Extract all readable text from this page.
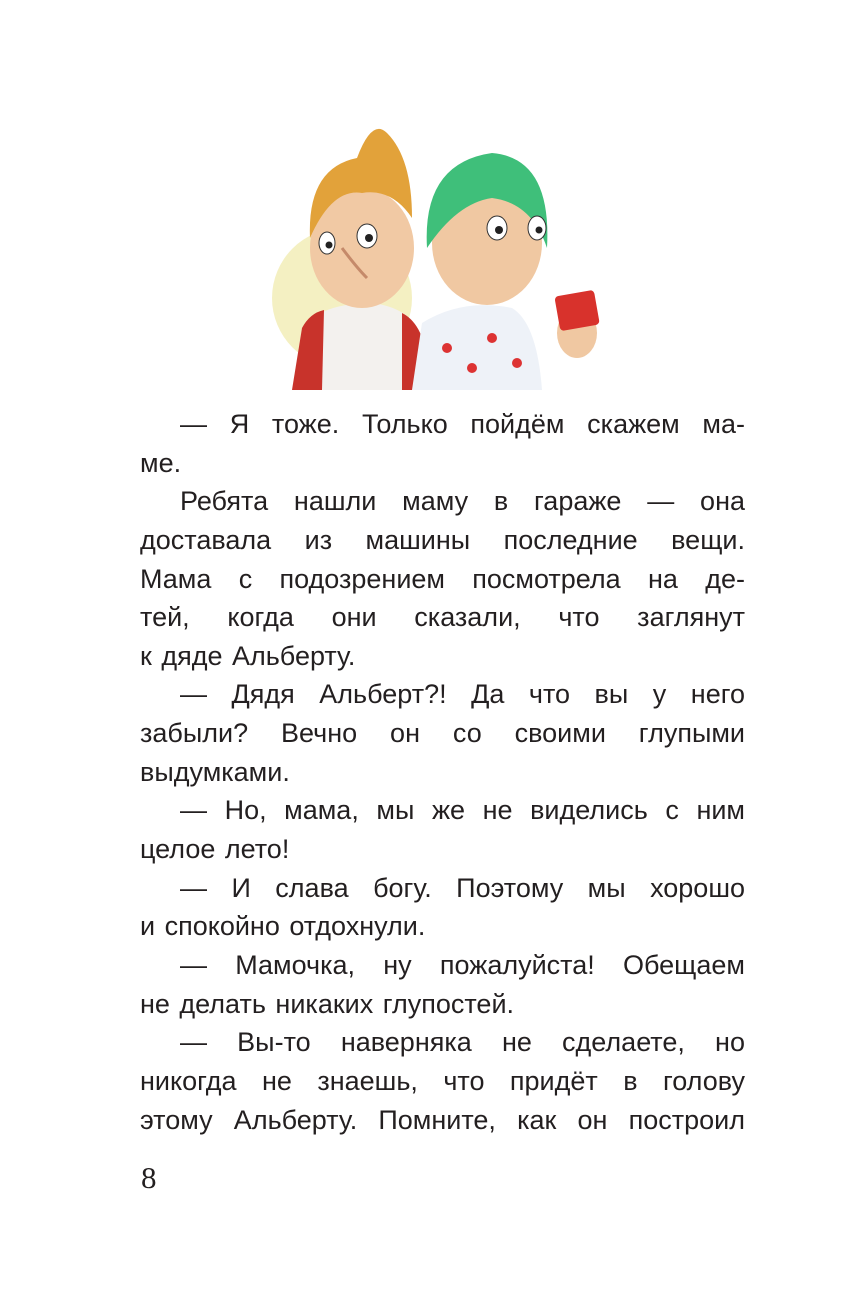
— Я тоже. Только пойдём скажем ма-
ме.
Ребята нашли маму в гараже — она
доставала из машины последние вещи.
Мама с подозрением посмотрела на де-
тей, когда они сказали, что заглянут
к дяде Альберту.
— Дядя Альберт?! Да что вы у него
забыли? Вечно он со своими глупыми
выдумками.
— Но, мама, мы же не виделись с ним
целое лето!
— И слава богу. Поэтому мы хорошо
и спокойно отдохнули.
— Мамочка, ну пожалуйста! Обещаем
не делать никаких глупостей.
— Вы-то наверняка не сделаете, но
никогда не знаешь, что придёт в голову
этому Альберту. Помните, как он построил
8
